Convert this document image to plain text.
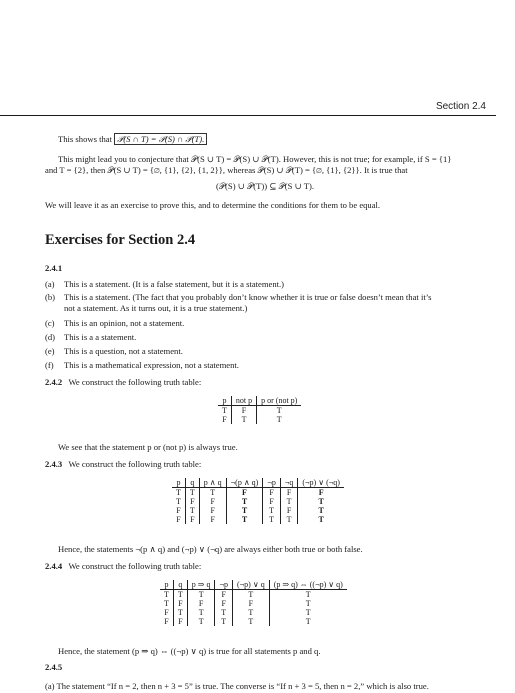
Section 2.4
This shows that 𝒫(S ∩ T) = 𝒫(S) ∩ 𝒫(T).
This might lead you to conjecture that 𝒫(S ∪ T) = 𝒫(S) ∪ 𝒫(T). However, this is not true; for example, if S = {1}
and T = {2}, then 𝒫(S ∪ T) = {∅, {1}, {2}, {1, 2}}, whereas 𝒫(S) ∪ 𝒫(T) = {∅, {1}, {2}}. It is true that
(𝒫(S) ∪ 𝒫(T)) ⊆ 𝒫(S ∪ T).
We will leave it as an exercise to prove this, and to determine the conditions for them to be equal.
Exercises for Section 2.4
2.4.1
(a)	This is a statement. (It is a false statement, but it is a statement.)
(b)	This is a statement. (The fact that you probably don’t know whether it is true or false doesn’t mean that it’s
not a statement. As it turns out, it is a true statement.)
(c)	This is an opinion, not a statement.
(d)	This is a a statement.
(e)	This is a question, not a statement.
(f)	This is a mathematical expression, not a statement.
2.4.2 We construct the following truth table:
p	not p	p or (not p)
T	F	T
F	T	T
We see that the statement p or (not p) is always true.
2.4.3 We construct the following truth table:
p	q	p ∧ q	¬(p ∧ q)	¬p	¬q	(¬p) ∨ (¬q)
T	T	T	F	F	F	F
T	F	F	T	F	T	T
F	T	F	T	T	F	T
F	F	F	T	T	T	T
Hence, the statements ¬(p ∧ q) and (¬p) ∨ (¬q) are always either both true or both false.
2.4.4 We construct the following truth table:
p	q	p ⇒ q	¬p	(¬p) ∨ q	(p ⇒ q) ⇔ ((¬p) ∨ q)
T	T	T	F	T	T
T	F	F	F	F	T
F	T	T	T	T	T
F	F	T	T	T	T
Hence, the statement (p ⇒ q) ⇔ ((¬p) ∨ q) is true for all statements p and q.
2.4.5
(a) The statement “If n = 2, then n + 3 = 5” is true. The converse is “If n + 3 = 5, then n = 2,” which is also true.
